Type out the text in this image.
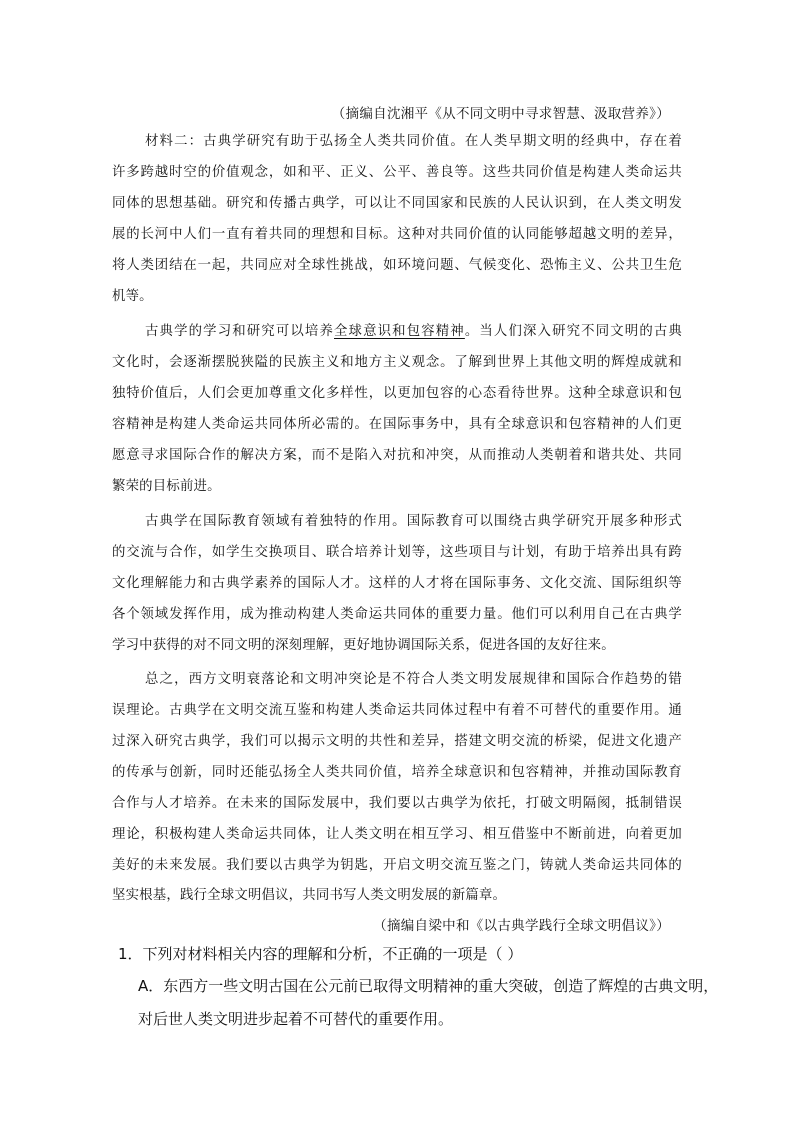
（摘编自沈湘平《从不同文明中寻求智慧、汲取营养》）
材料二：古典学研究有助于弘扬全人类共同价值。在人类早期文明的经典中，存在着
许多跨越时空的价值观念，如和平、正义、公平、善良等。这些共同价值是构建人类命运共
同体的思想基础。研究和传播古典学，可以让不同国家和民族的人民认识到，在人类文明发
展的长河中人们一直有着共同的理想和目标。这种对共同价值的认同能够超越文明的差异，
将人类团结在一起，共同应对全球性挑战，如环境问题、气候变化、恐怖主义、公共卫生危
机等。
古典学的学习和研究可以培养全球意识和包容精神。当人们深入研究不同文明的古典
文化时，会逐渐摆脱狭隘的民族主义和地方主义观念。了解到世界上其他文明的辉煌成就和
独特价值后，人们会更加尊重文化多样性，以更加包容的心态看待世界。这种全球意识和包
容精神是构建人类命运共同体所必需的。在国际事务中，具有全球意识和包容精神的人们更
愿意寻求国际合作的解决方案，而不是陷入对抗和冲突，从而推动人类朝着和谐共处、共同
繁荣的目标前进。
古典学在国际教育领域有着独特的作用。国际教育可以围绕古典学研究开展多种形式
的交流与合作，如学生交换项目、联合培养计划等，这些项目与计划，有助于培养出具有跨
文化理解能力和古典学素养的国际人才。这样的人才将在国际事务、文化交流、国际组织等
各个领域发挥作用，成为推动构建人类命运共同体的重要力量。他们可以利用自己在古典学
学习中获得的对不同文明的深刻理解，更好地协调国际关系，促进各国的友好往来。
总之，西方文明衰落论和文明冲突论是不符合人类文明发展规律和国际合作趋势的错
误理论。古典学在文明交流互鉴和构建人类命运共同体过程中有着不可替代的重要作用。通
过深入研究古典学，我们可以揭示文明的共性和差异，搭建文明交流的桥梁，促进文化遗产
的传承与创新，同时还能弘扬全人类共同价值，培养全球意识和包容精神，并推动国际教育
合作与人才培养。在未来的国际发展中，我们要以古典学为依托，打破文明隔阂，抵制错误
理论，积极构建人类命运共同体，让人类文明在相互学习、相互借鉴中不断前进，向着更加
美好的未来发展。我们要以古典学为钥匙，开启文明交流互鉴之门，铸就人类命运共同体的
坚实根基，践行全球文明倡议，共同书写人类文明发展的新篇章。
（摘编自梁中和《以古典学践行全球文明倡议》）
1．下列对材料相关内容的理解和分析，不正确的一项是（ ）
A．东西方一些文明古国在公元前已取得文明精神的重大突破，创造了辉煌的古典文明，
对后世人类文明进步起着不可替代的重要作用。
